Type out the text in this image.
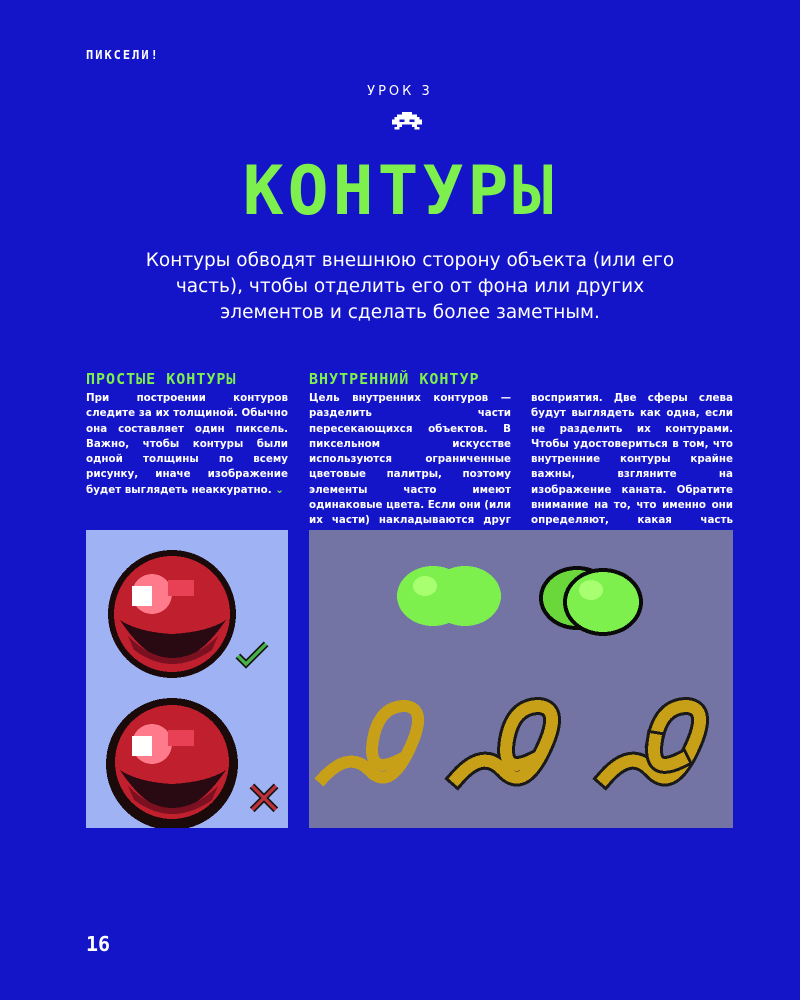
ПИКСЕЛИ!
УРОК 3
КОНТУРЫ
Контуры обводят внешнюю сторону объекта (или его часть), чтобы отделить его от фона или других элементов и сделать более заметным.
ПРОСТЫЕ КОНТУРЫ	ВНУТРЕННИЙ КОНТУР

При построении контуров следите за их толщиной. Обычно она составляет один пиксель. Важно, чтобы контуры были одной толщины по всему рисунку, иначе изображение будет выглядеть неаккуратно. ⌄

Цель внутренних контуров — разделить части пересекающихся объектов. В пиксельном искусстве используются ограниченные цветовые палитры, поэтому элементы часто имеют одинаковые цвета. Если они (или их части) накладываются друг

восприятия. Две сферы слева будут выглядеть как одна, если не разделить их контурами. Чтобы удостовериться в том, что внутренние контуры крайне важны, взгляните на изображение каната. Обратите внимание на то, что именно они определяют, какая часть

16
